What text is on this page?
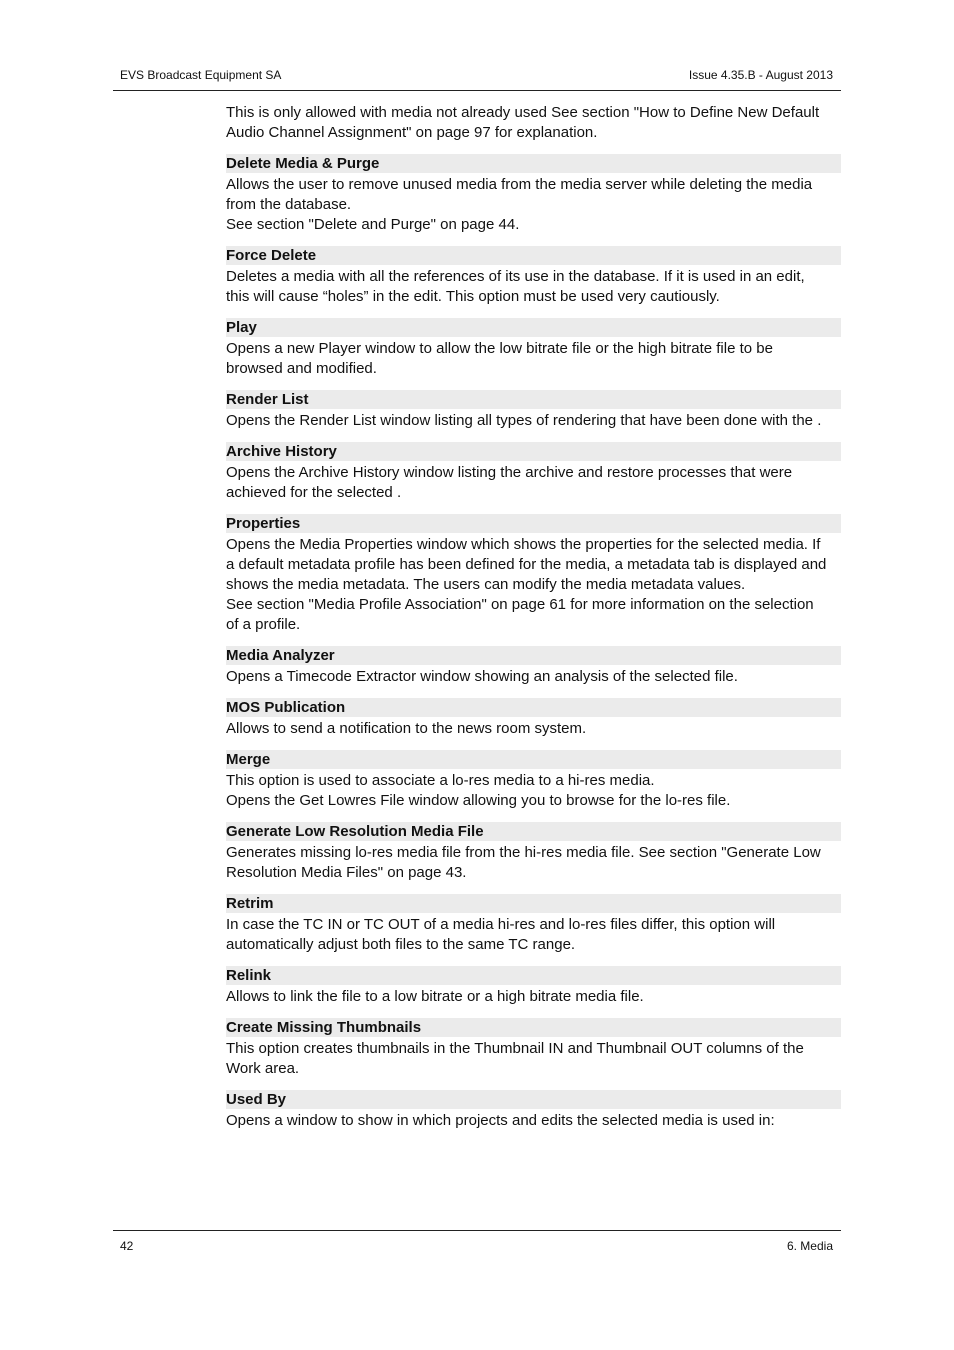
EVS Broadcast Equipment SA	Issue 4.35.B - August 2013
This is only allowed with media not already used See section "How to Define New Default
Audio Channel Assignment" on page 97 for explanation.
Delete Media & Purge

Allows the user to remove unused media from the media server while deleting the media

from the database.

See section "Delete and Purge" on page 44.

Force Delete

Deletes a media with all the references of its use in the database. If it is used in an edit,

this will cause “holes” in the edit. This option must be used very cautiously.

Play

Opens a new Player window to allow the low bitrate file or the high bitrate file to be

browsed and modified.

Render List

Opens the Render List window listing all types of rendering that have been done with the .

Archive History

Opens the Archive History window listing the archive and restore processes that were

achieved for the selected .

Properties

Opens the Media Properties window which shows the properties for the selected media. If

a default metadata profile has been defined for the media, a metadata tab is displayed and

shows the media metadata. The users can modify the media metadata values.

See section "Media Profile Association" on page 61 for more information on the selection

of a profile.

Media Analyzer

Opens a Timecode Extractor window showing an analysis of the selected file.

MOS Publication

Allows to send a notification to the news room system.

Merge

This option is used to associate a lo-res media to a hi-res media.

Opens the Get Lowres File window allowing you to browse for the lo-res file.

Generate Low Resolution Media File

Generates missing lo-res media file from the hi-res media file. See section "Generate Low

Resolution Media Files" on page 43.

Retrim

In case the TC IN or TC OUT of a media hi-res and lo-res files differ, this option will

automatically adjust both files to the same TC range.

Relink

Allows to link the file to a low bitrate or a high bitrate media file.

Create Missing Thumbnails

This option creates thumbnails in the Thumbnail IN and Thumbnail OUT columns of the

Work area.

Used By

Opens a window to show in which projects and edits the selected media is used in:

42	6. Media
